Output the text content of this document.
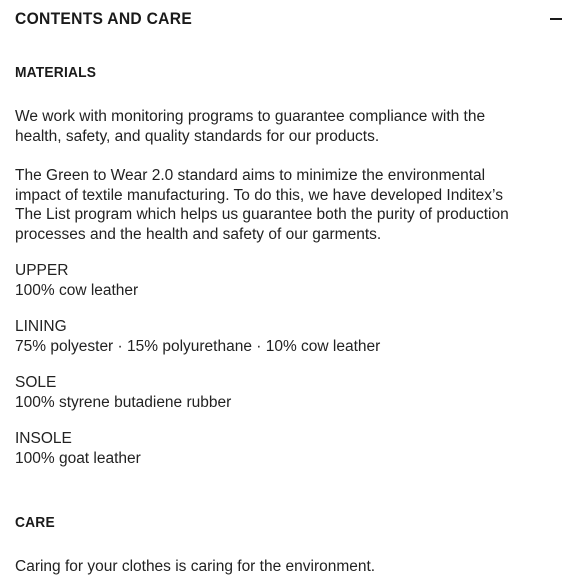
CONTENTS AND CARE
MATERIALS
We work with monitoring programs to guarantee compliance with the
health, safety, and quality standards for our products.
The Green to Wear 2.0 standard aims to minimize the environmental
impact of textile manufacturing. To do this, we have developed Inditex’s
The List program which helps us guarantee both the purity of production
processes and the health and safety of our garments.
UPPER
100% cow leather
LINING
75% polyester · 15% polyurethane · 10% cow leather
SOLE
100% styrene butadiene rubber
INSOLE
100% goat leather
CARE
Caring for your clothes is caring for the environment.
